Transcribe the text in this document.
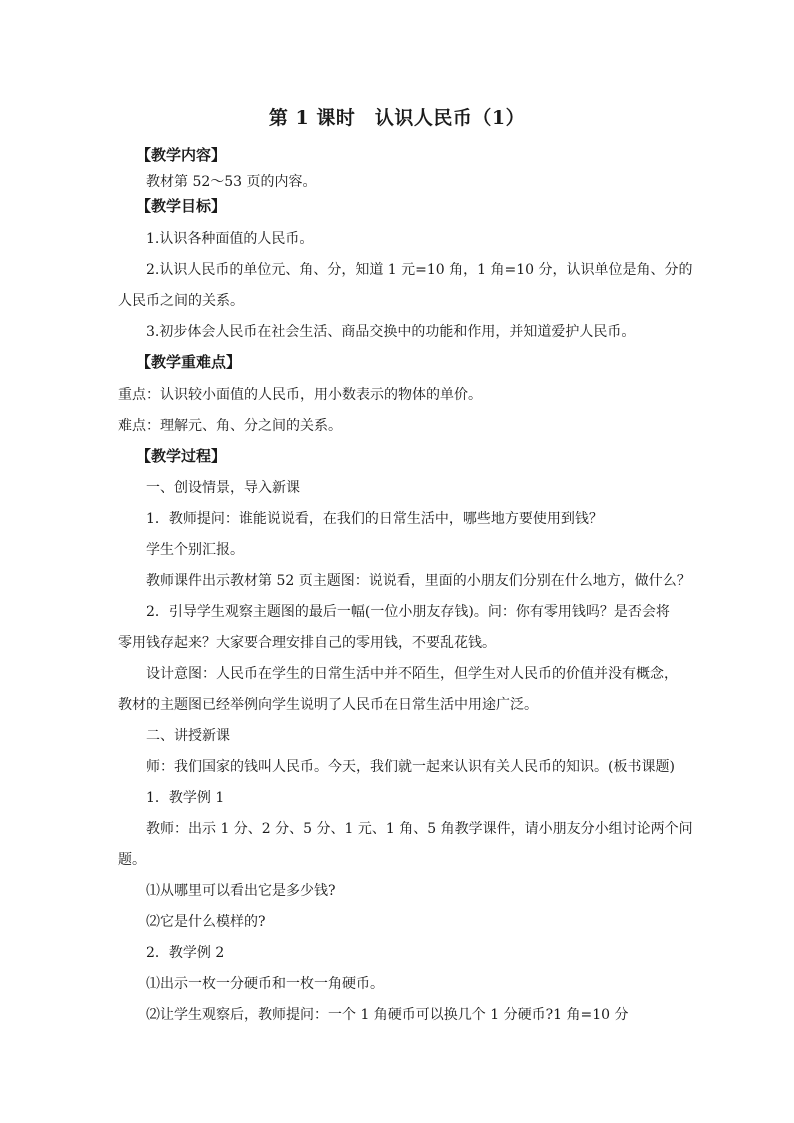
第 1 课时　认识人民币（1）
【教学内容】
教材第 52～53 页的内容。
【教学目标】
1.认识各种面值的人民币。
2.认识人民币的单位元、角、分，知道 1 元=10 角，1 角=10 分，认识单位是角、分的
人民币之间的关系。
3.初步体会人民币在社会生活、商品交换中的功能和作用，并知道爱护人民币。
【教学重难点】
重点：认识较小面值的人民币，用小数表示的物体的单价。
难点：理解元、角、分之间的关系。
【教学过程】
一、创设情景，导入新课
1．教师提问：谁能说说看，在我们的日常生活中，哪些地方要使用到钱？
学生个别汇报。
教师课件出示教材第 52 页主题图：说说看，里面的小朋友们分别在什么地方，做什么？
2．引导学生观察主题图的最后一幅(一位小朋友存钱)。问：你有零用钱吗？是否会将
零用钱存起来？大家要合理安排自己的零用钱，不要乱花钱。
设计意图：人民币在学生的日常生活中并不陌生，但学生对人民币的价值并没有概念，
教材的主题图已经举例向学生说明了人民币在日常生活中用途广泛。
二、讲授新课
师：我们国家的钱叫人民币。今天，我们就一起来认识有关人民币的知识。(板书课题)
1．教学例 1
教师：出示 1 分、2 分、5 分、1 元、1 角、5 角教学课件，请小朋友分小组讨论两个问
题。
⑴从哪里可以看出它是多少钱?
⑵它是什么模样的?
2．教学例 2
⑴出示一枚一分硬币和一枚一角硬币。
⑵让学生观察后，教师提问：一个 1 角硬币可以换几个 1 分硬币?1 角=10 分
